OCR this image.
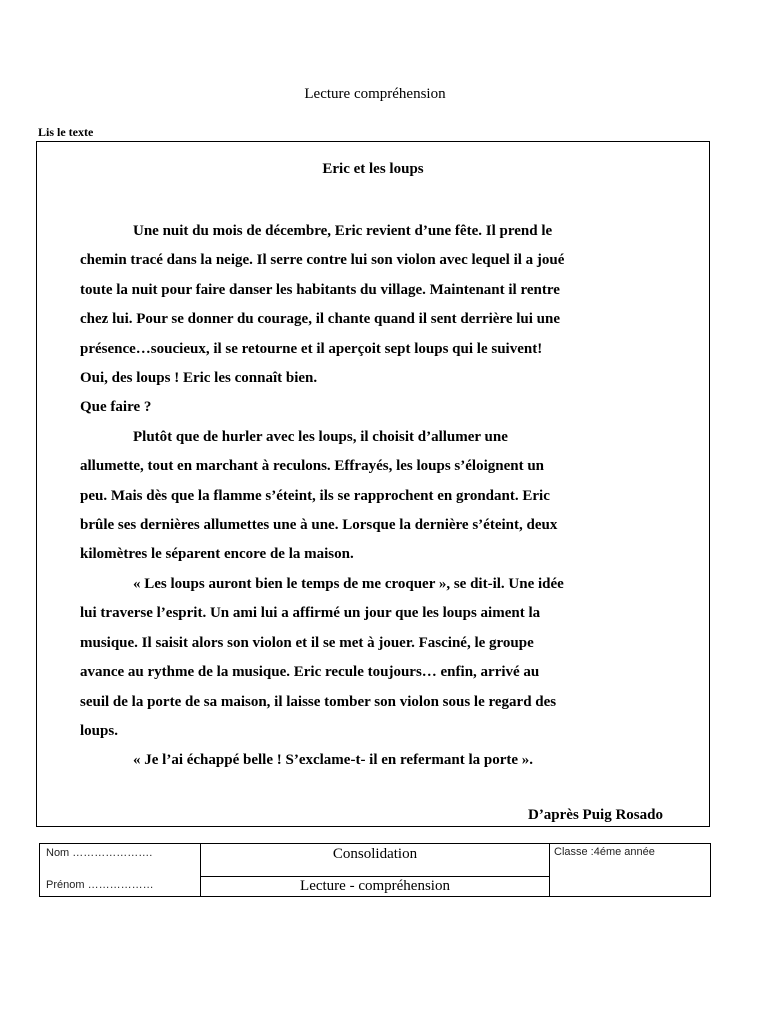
Lecture compréhension
Lis le texte
Eric et les loups
Une nuit du mois de décembre, Eric revient d’une fête. Il prend le
chemin tracé dans la neige. Il serre contre lui son violon avec lequel il a joué
toute la nuit pour faire danser les habitants du village. Maintenant il rentre
chez lui. Pour se donner du courage, il chante quand il sent derrière lui une
présence…soucieux, il se retourne et il aperçoit sept loups qui le suivent!
Oui, des loups ! Eric les connaît bien.
Que faire ?
Plutôt que de hurler avec les loups, il choisit d’allumer une
allumette, tout en marchant à reculons. Effrayés, les loups s’éloignent un
peu. Mais dès que la flamme s’éteint, ils se rapprochent en grondant. Eric
brûle ses dernières allumettes une à une. Lorsque la dernière s’éteint, deux
kilomètres le séparent encore de la maison.
« Les loups auront bien le temps de me croquer », se dit-il. Une idée
lui traverse l’esprit. Un ami lui a affirmé un jour que les loups aiment la
musique. Il saisit alors son violon et il se met à jouer. Fasciné, le groupe
avance au rythme de la musique. Eric recule toujours… enfin, arrivé au
seuil de la porte de sa maison, il laisse tomber son violon sous le regard des
loups.
« Je l’ai échappé belle ! S’exclame-t- il en refermant la porte ».
D’après Puig Rosado
Nom ………………….
Prénom ………………
	Consolidation	Classe :4éme année
Lecture - compréhension
